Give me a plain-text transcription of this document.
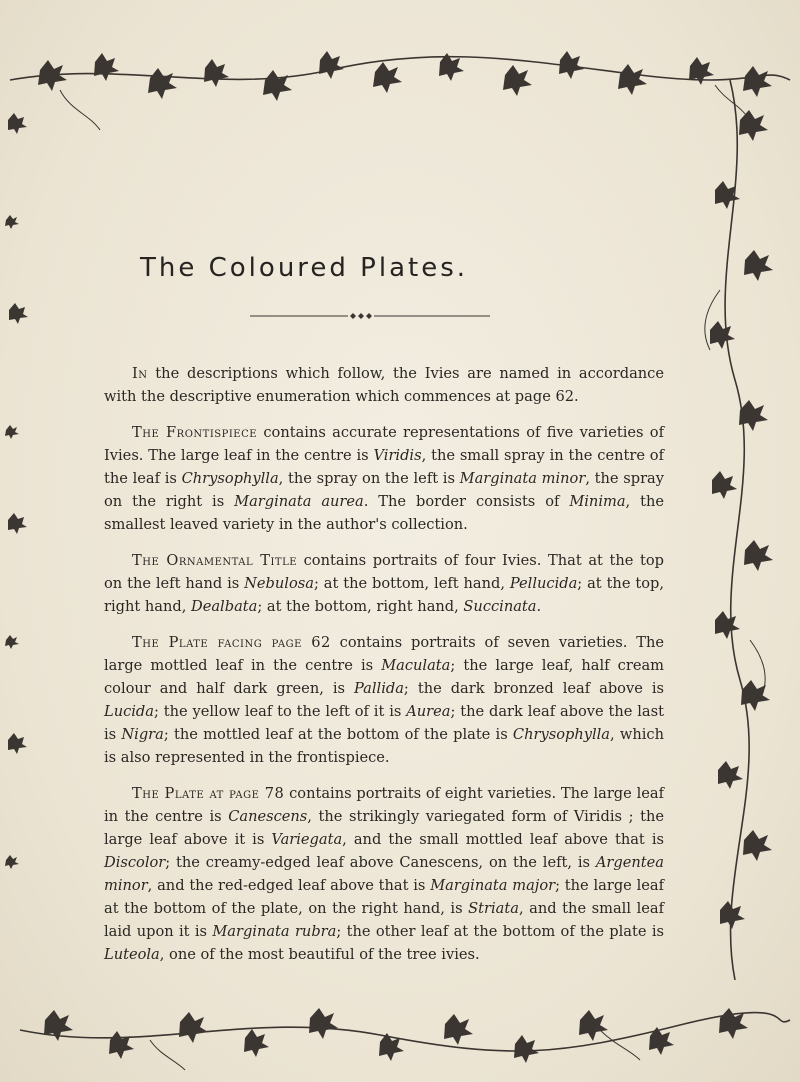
The Coloured Plates.

In the descriptions which follow, the Ivies are named in accordance with the descriptive enumeration which commences at page 62.

The Frontispiece contains accurate representations of five varieties of Ivies. The large leaf in the centre is Viridis, the small spray in the centre of the leaf is Chrysophylla, the spray on the left is Marginata minor, the spray on the right is Marginata aurea. The border consists of Minima, the smallest leaved variety in the author's collection.

The Ornamental Title contains portraits of four Ivies. That at the top on the left hand is Nebulosa; at the bottom, left hand, Pellucida; at the top, right hand, Dealbata; at the bottom, right hand, Succinata.

The Plate facing page 62 contains portraits of seven varieties. The large mottled leaf in the centre is Maculata; the large leaf, half cream colour and half dark green, is Pallida; the dark bronzed leaf above is Lucida; the yellow leaf to the left of it is Aurea; the dark leaf above the last is Nigra; the mottled leaf at the bottom of the plate is Chrysophylla, which is also represented in the frontispiece.

The Plate at page 78 contains portraits of eight varieties. The large leaf in the centre is Canescens, the strikingly variegated form of Viridis ; the large leaf above it is Variegata, and the small mottled leaf above that is Discolor; the creamy-edged leaf above Canescens, on the left, is Argentea minor, and the red-edged leaf above that is Marginata major; the large leaf at the bottom of the plate, on the right hand, is Striata, and the small leaf laid upon it is Marginata rubra; the other leaf at the bottom of the plate is Luteola, one of the most beautiful of the tree ivies.
